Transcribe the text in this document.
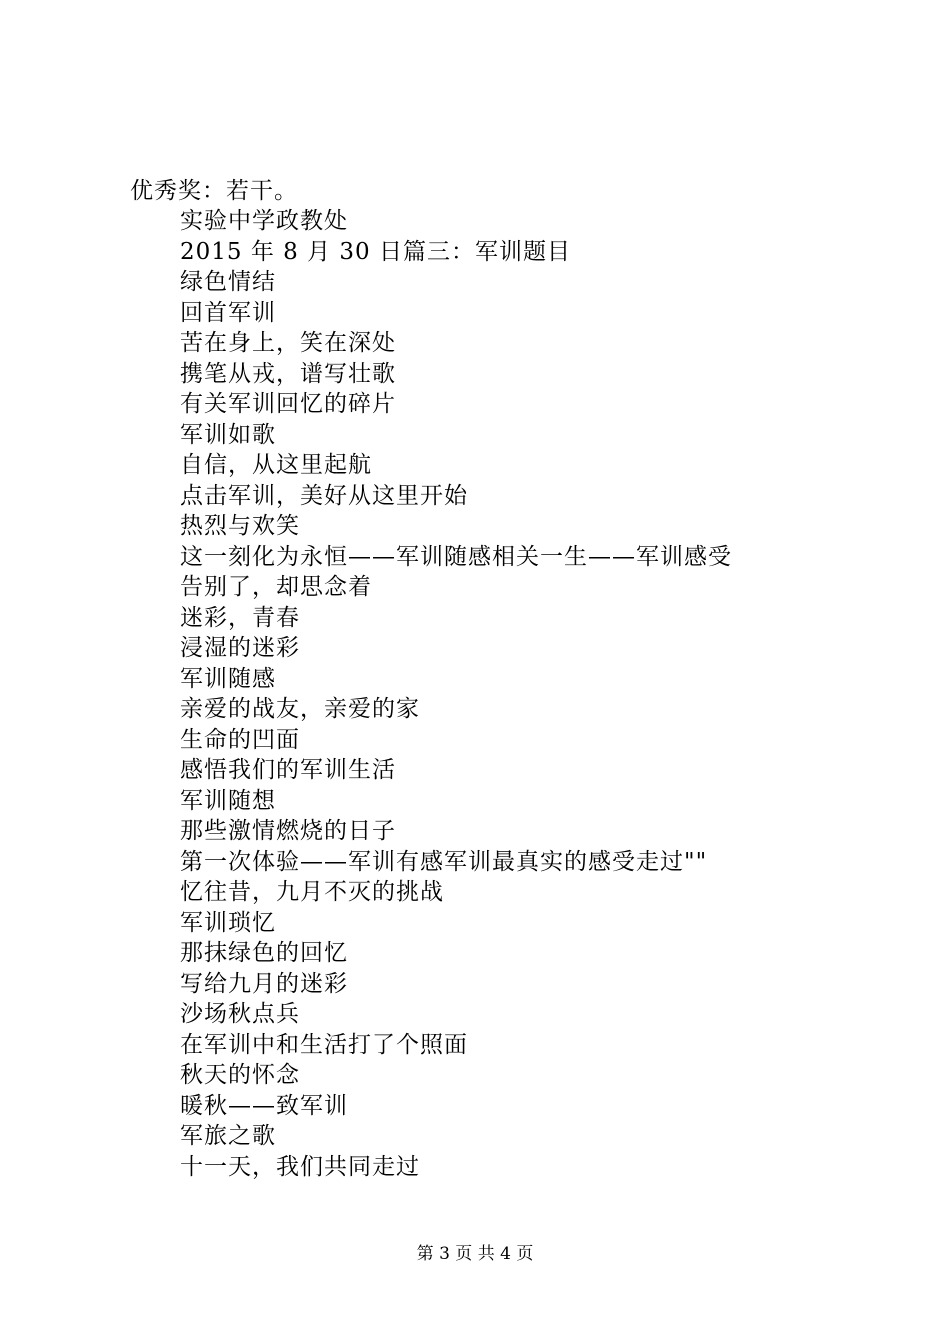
优秀奖：若干。
实验中学政教处
2015 年 8 月 30 日篇三：军训题目
绿色情结
回首军训
苦在身上，笑在深处
携笔从戎，谱写壮歌
有关军训回忆的碎片
军训如歌
自信，从这里起航
点击军训，美好从这里开始
热烈与欢笑
这一刻化为永恒——军训随感相关一生——军训感受
告别了，却思念着
迷彩，青春
浸湿的迷彩
军训随感
亲爱的战友，亲爱的家
生命的凹面
感悟我们的军训生活
军训随想
那些激情燃烧的日子
第一次体验——军训有感军训最真实的感受走过""
忆往昔，九月不灭的挑战
军训琐忆
那抹绿色的回忆
写给九月的迷彩
沙场秋点兵
在军训中和生活打了个照面
秋天的怀念
暖秋——致军训
军旅之歌
十一天，我们共同走过
第 3 页 共 4 页
